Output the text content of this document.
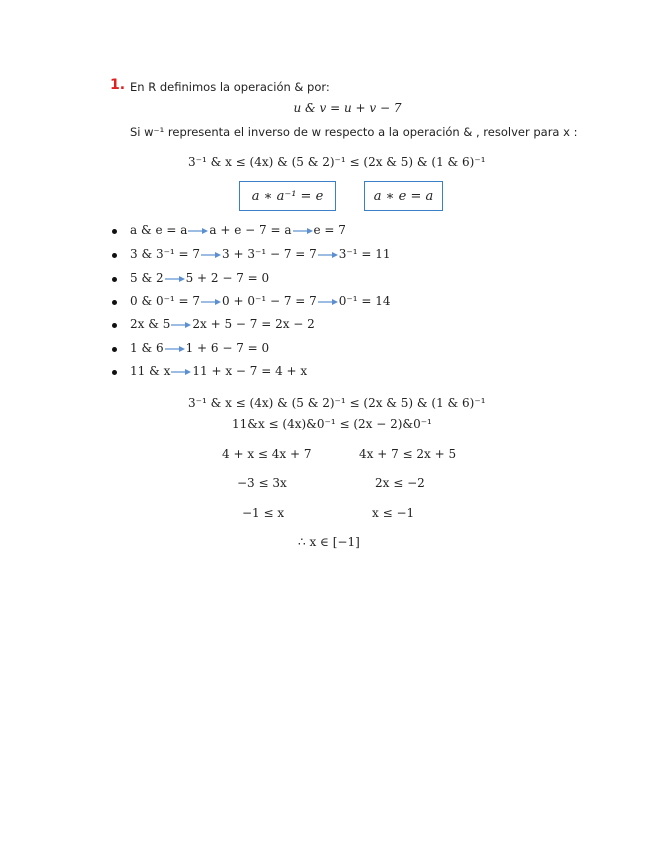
1. En R definimos la operación & por:
u & v = u + v − 7
Si w⁻¹ representa el inverso de w respecto a la operación & , resolver para x :
3⁻¹ & x ≤ (4x) & (5 & 2)⁻¹ ≤ (2x & 5) & (1 & 6)⁻¹
a ∗ a⁻¹ = e	a ∗ e = a
a & e = a a + e − 7 = a e = 7
3 & 3⁻¹ = 7 3 + 3⁻¹ − 7 = 7 3⁻¹ = 11
5 & 2 5 + 2 − 7 = 0
0 & 0⁻¹ = 7 0 + 0⁻¹ − 7 = 7 0⁻¹ = 14
2x & 5 2x + 5 − 7 = 2x − 2
1 & 6 1 + 6 − 7 = 0
11 & x 11 + x − 7 = 4 + x
3⁻¹ & x ≤ (4x) & (5 & 2)⁻¹ ≤ (2x & 5) & (1 & 6)⁻¹
11&x ≤ (4x)&0⁻¹ ≤ (2x − 2)&0⁻¹
4 + x ≤ 4x + 7
−3 ≤ 3x
−1 ≤ x
4x + 7 ≤ 2x + 5
2x ≤ −2
x ≤ −1
∴ x ∈ [−1]
